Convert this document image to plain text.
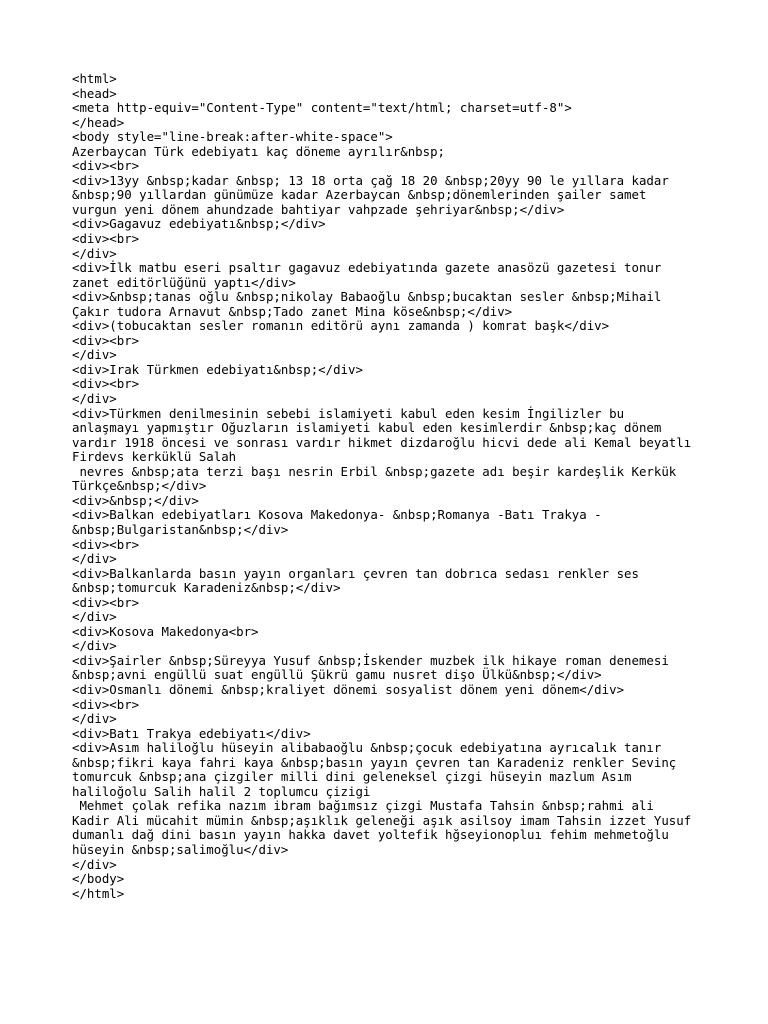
<html>
<head>
<meta http-equiv="Content-Type" content="text/html; charset=utf-8">
</head>
<body style="line-break:after-white-space">
Azerbaycan Türk edebiyatı kaç döneme ayrılır&nbsp;
<div><br>
<div>13yy &nbsp;kadar &nbsp; 13 18 orta çağ 18 20 &nbsp;20yy 90 le yıllara kadar
&nbsp;90 yıllardan günümüze kadar Azerbaycan &nbsp;dönemlerinden şailer samet
vurgun yeni dönem ahundzade bahtiyar vahpzade şehriyar&nbsp;</div>
<div>Gagavuz edebiyatı&nbsp;</div>
<div><br>
</div>
<div>İlk matbu eseri psaltır gagavuz edebiyatında gazete anasözü gazetesi tonur
zanet editörlüğünü yaptı</div>
<div>&nbsp;tanas oğlu &nbsp;nikolay Babaoğlu &nbsp;bucaktan sesler &nbsp;Mihail
Çakır tudora Arnavut &nbsp;Tado zanet Mina köse&nbsp;</div>
<div>(tobucaktan sesler romanın editörü aynı zamanda ) komrat başk</div>
<div><br>
</div>
<div>Irak Türkmen edebiyatı&nbsp;</div>
<div><br>
</div>
<div>Türkmen denilmesinin sebebi islamiyeti kabul eden kesim İngilizler bu
anlaşmayı yapmıştır Oğuzların islamiyeti kabul eden kesimlerdir &nbsp;kaç dönem
vardır 1918 öncesi ve sonrası vardır hikmet dizdaroğlu hicvi dede ali Kemal beyatlı
Firdevs kerküklü Salah
nevres &nbsp;ata terzi başı nesrin Erbil &nbsp;gazete adı beşir kardeşlik Kerkük
Türkçe&nbsp;</div>
<div>&nbsp;</div>
<div>Balkan edebiyatları Kosova Makedonya- &nbsp;Romanya -Batı Trakya -
&nbsp;Bulgaristan&nbsp;</div>
<div><br>
</div>
<div>Balkanlarda basın yayın organları çevren tan dobrıca sedası renkler ses
&nbsp;tomurcuk Karadeniz&nbsp;</div>
<div><br>
</div>
<div>Kosova Makedonya<br>
</div>
<div>Şairler &nbsp;Süreyya Yusuf &nbsp;İskender muzbek ilk hikaye roman denemesi
&nbsp;avni engüllü suat engüllü Şükrü gamu nusret dişo Ülkü&nbsp;</div>
<div>Osmanlı dönemi &nbsp;kraliyet dönemi sosyalist dönem yeni dönem</div>
<div><br>
</div>
<div>Batı Trakya edebiyatı</div>
<div>Asım haliloğlu hüseyin alibabaoğlu &nbsp;çocuk edebiyatına ayrıcalık tanır
&nbsp;fikri kaya fahri kaya &nbsp;basın yayın çevren tan Karadeniz renkler Sevinç
tomurcuk &nbsp;ana çizgiler milli dini geleneksel çizgi hüseyin mazlum Asım
haliloğolu Salih halil 2 toplumcu çizigi
Mehmet çolak refika nazım ibram bağımsız çizgi Mustafa Tahsin &nbsp;rahmi ali
Kadir Ali mücahit mümin &nbsp;aşıklık geleneği aşık asilsoy imam Tahsin izzet Yusuf
dumanlı dağ dini basın yayın hakka davet yoltefik hğseyionopluı fehim mehmetoğlu
hüseyin &nbsp;salimoğlu</div>
</div>
</body>
</html>
